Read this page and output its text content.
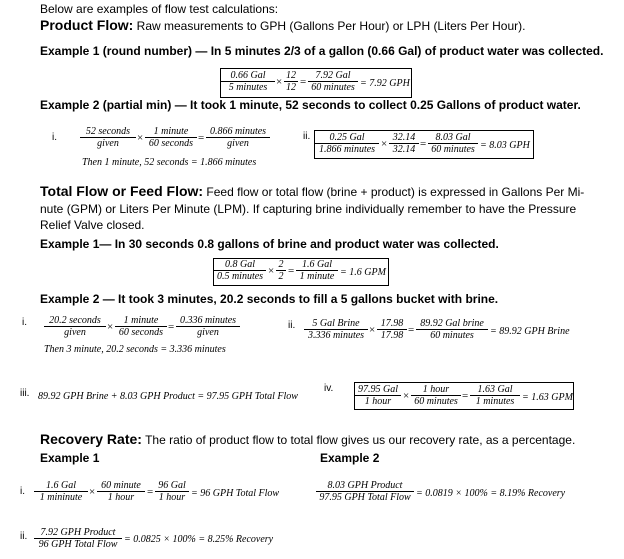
Below are examples of flow test calculations:
Product Flow: Raw measurements to GPH (Gallons Per Hour) or LPH (Liters Per Hour).
Example 1 (round number) — In 5 minutes 2/3 of a gallon (0.66 Gal) of product water was collected.
0.66 Gal
5 minutes × $\frac{12}{12}$ =
7.92 Gal
60 minutes = 7.92 GPH
Example 2 (partial min) — It took 1 minute, 52 seconds to collect 0.25 Gallons of product water.
i.
52 seconds
given	×
1 minute
60 seconds =
0.866 minutes
given
Then 1 minute, 52 seconds = 1.866 minutes
ii.	0.25 Gal
1.866 minutes × $\frac{32.14}{32.14}$ =
8.03 Gal
60 minutes = 8.03 GPH
Total Flow or Feed Flow: Feed flow or total flow (brine + product) is expressed in Gallons Per Mi-
nute (GPM) or Liters Per Minute (LPM). If capturing brine individually remember to have the Pressure
Relief Valve closed.
Example 1— In 30 seconds 0.8 gallons of brine and product water was collected.
0.8 Gal
0.5 minutes × $\frac{2}{2}$ =
1.6 Gal
1 minute = 1.6 GPM
Example 2 — It took 3 minutes, 20.2 seconds to fill a 5 gallons bucket with brine.
i.	20.2 seconds
given	×
1 minute
60 seconds =
0.336 minutes
given
Then 3 minute, 20.2 seconds = 3.336 minutes
ii.	5 Gal Brine
3.336 minutes × $\frac{17.98}{17.98}$ =
89.92 Gal brine
60 minutes	= 89.92 GPH Brine
iii. 89.92 GPH Brine + 8.03 GPH Product = 97.95 GPH Total Flow
iv.	97.95 Gal
1 hour	×
1 hour
60 minutes =
1.63 Gal
1 minutes = 1.63 GPM
Recovery Rate: The ratio of product flow to total flow gives us our recovery rate, as a percentage.
Example 1	Example 2
i.
1.6 Gal
1 mininute ×
60 minute
1 hour	=
96 Gal
1 hour = 96 GPH Total Flow
8.03 GPH Product
97.95 GPH Total Flow = 0.0819 × 100% = 8.19% Recovery
ii.	7.92 GPH Product
96 GPH Total Flow = 0.0825 × 100% = 8.25% Recovery
